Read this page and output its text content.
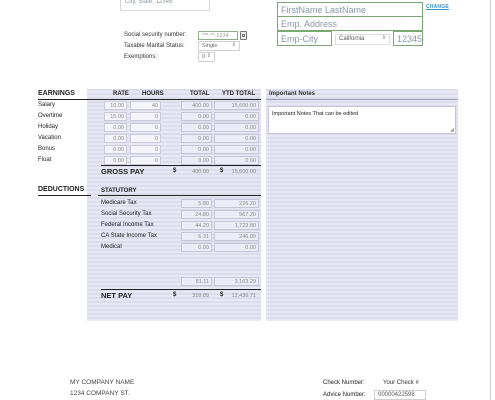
City, State, 12345
FirstName LastName	CHANGE
Emp. Address
Emp-City	California	⇕	12345
Social security number:	***-**-1234
Taxable Marital Status:	Single	⇕
Exemptions:	0 ⇕
EARNINGS	RATE HOURS	TOTAL YTD TOTAL
Salary	10.00	40	400.00	15,600.00
Overtime	15.00	0	0.00	0.00
Holiday	0.00	0	0.00	0.00
Vacation	0.00	0	0.00	0.00
Bonus	0.00	0	0.00	0.00
Float	0.00	0	0.00	0.00
GROSS PAY	$	400.00	$	15,600.00
DEDUCTIONS	STATUTORY
Medicare Tax	5.80	226.20
Social Security Tax	24.80	967.20
Federal Income Tax	44.20	1,723.80
CA State Income Tax	6.31	246.09
Medical	0.00	0.00
81.11	3,163.29
NET PAY	$	318.89	$	12,436.71
Important Notes
Important Notes That can be edited
◢
MY COMPANY NAME
1234 COMPANY ST.
Check Number:	Your Check #
Advice Number:	00000422598
